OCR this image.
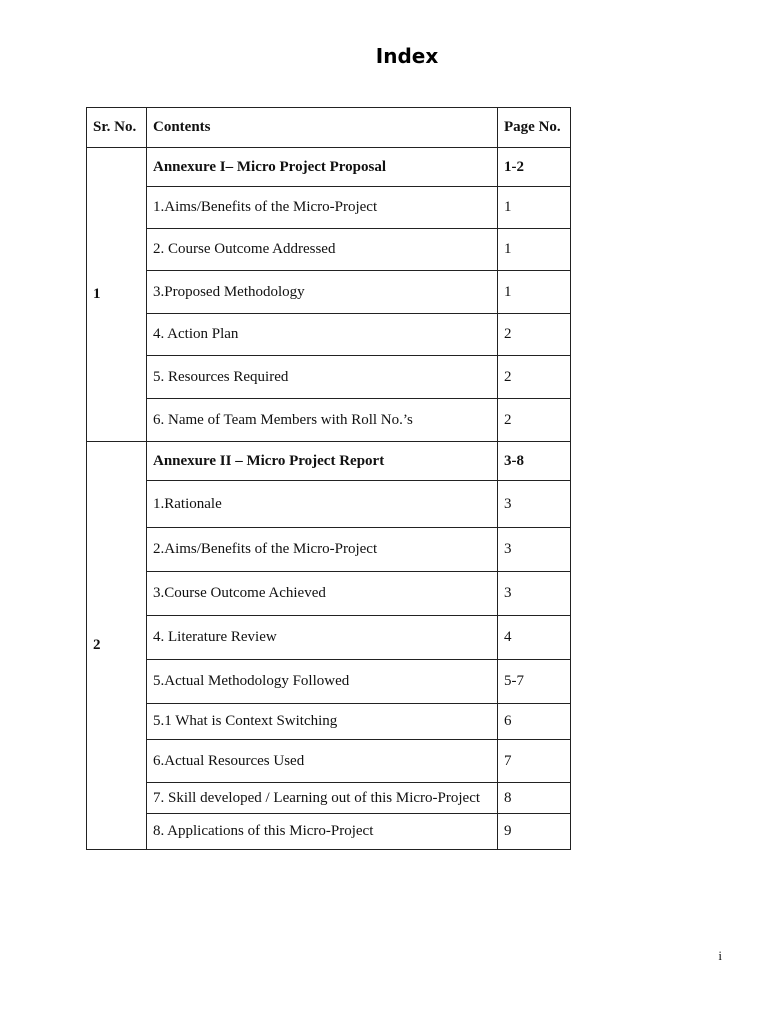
Index
Sr. No.	Contents	Page No.
1	Annexure I– Micro Project Proposal	1-2
	1.Aims/Benefits of the Micro-Project	1
	2. Course Outcome Addressed	1
	3.Proposed Methodology	1
	4. Action Plan	2
	5. Resources Required	2
	6. Name of Team Members with Roll No.’s	2
2	Annexure II – Micro Project Report	3-8
	1.Rationale	3
	2.Aims/Benefits of the Micro-Project	3
	3.Course Outcome Achieved	3
	4. Literature Review	4
	5.Actual Methodology Followed	5-7
	5.1 What is Context Switching	6
	6.Actual Resources Used	7
	7. Skill developed / Learning out of this Micro-Project	8
	8. Applications of this Micro-Project	9
i
